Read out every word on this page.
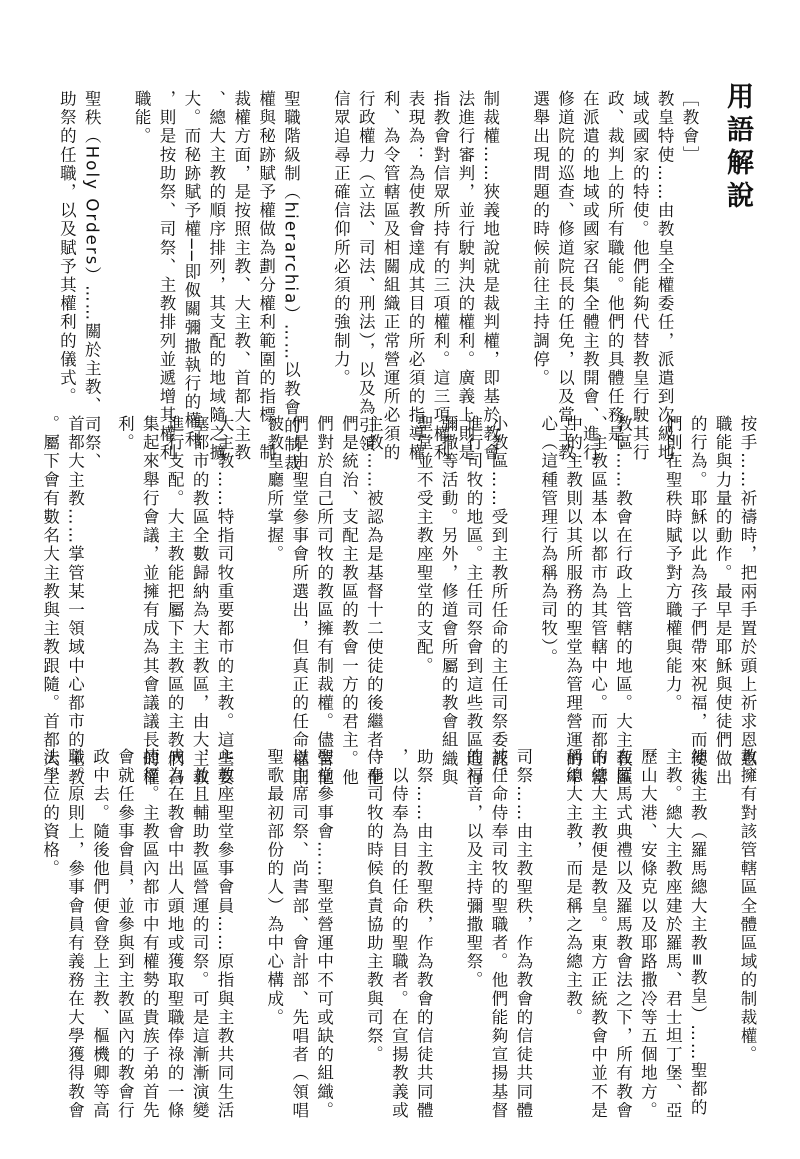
用語解說

［教會］
教皇特使……由教皇全權委任，派遣到次級地
域或國家的特使。他們能夠代替教皇行駛其行
政、裁判上的所有職能。他們的具體任務是，
在派遣的地域或國家召集全體主教開會、進行
修道院的巡查、修道院長的任免，以及當主教
選舉出現問題的時候前往主持調停。

制裁權……狹義地說就是裁判權，即基於教會
法進行審判，並行駛判決的權利。廣義上則是
指教會對信眾所持有的三項權利。這三項權利
表現為：為使教會達成其目的所必須的指導權
利、為令管轄區及相關組織正常營運所必須的
行政權力（立法、司法、刑法），以及為引領
信眾追尋正確信仰所必須的強制力。

聖職階級制（hierarchia）……以教會的制裁
權與秘跡賦予權做為劃分權利範圍的指標。制
裁權方面，是按照主教、大主教、首都大主教
、總大主教的順序排列，其支配的地域隨之擴
大。而秘跡賦予權──即伮關彌撒執行的權利
，則是按助祭、司祭、主教排列並遞增其權利
職能。

聖秩（Holy Orders）……關於主教、司祭、
助祭的任職，以及賦予其權利的儀式。

按手……祈禱時，把兩手置於頭上祈求恩惠、
職能與力量的動作。最早是耶穌與使徒們做出
的行為。耶穌以此為孩子們帶來祝福，而使徒
們則在聖秩時賦予對方職權與能力。

教區……教會在行政上管轄的地區。大主教區
、主教區基本以都市為其管轄中心。而都市當
中的主教則以其所服務的聖堂為管理營運的中
心（這種管理行為稱為司牧）。

小教區……受到主教所任命的主任司祭委託，
進行司牧的地區。主任司祭會到這些教區進行
彌撒等活動。另外，修道會所屬的教會組織與
聖堂並不受主教座聖堂的支配。

主教……被認為是基督十二使徒的後繼者。他
們是統治、支配主教區的教會一方的君主。他
們對於自己所司牧的教區擁有制裁權。儘管他
們是由聖堂參事會所選出，但真正的任命權則
被教皇廳所掌握。

大主教……特指司牧重要都市的主教。這些要
塞都市的教區全數歸納為大主教區，由大主教
進行支配。大主教能把屬下主教區的主教們召
集起來舉行會議，並擁有成為其會議議長的權
利。

首都大主教……掌管某一領域中心都市的主教
。屬下會有數名大主教與主教跟隨。首都大主

教擁有對該管轄區全體區域的制裁權。

總大主教（羅馬總大主教≡教皇）……聖都的
主教。總大主教座建於羅馬、君士坦丁堡、亞
歷山大港、安條克以及耶路撒冷等五個地方。
在羅馬式典禮以及羅馬教會法之下，所有教會
的總大主教便是教皇。東方正統教會中並不是
稱總大主教，而是稱之為總主教。

司祭……由主教聖秩，作為教會的信徒共同體
被任命侍奉司牧的聖職者。他們能夠宣揚基督
的福音，以及主持彌撒聖祭。

助祭……由主教聖秩，作為教會的信徒共同體
，以侍奉為目的任命的聖職者。在宣揚教義或
侍奉司牧的時候負責協助主教與司祭。

聖堂參事會……聖堂營運中不可或缺的組織。
以主席司祭、尚書部、會計部、先唱者（領唱
聖歌最初部份的人）為中心構成。

主教座聖堂參事會員……原指與主教共同生活
，並且輔助教區營運的司祭。可是這漸漸演變
成為在教會中出人頭地或獲取聖職俸祿的一條
捷徑。主教區內都市中有權勢的貴族子弟首先
會就任參事會員，並參與到主教區內的教會行
政中去。隨後他們便會登上主教、樞機卿等高
職。原則上，參事會員有義務在大學獲得教會
法學位的資格。
